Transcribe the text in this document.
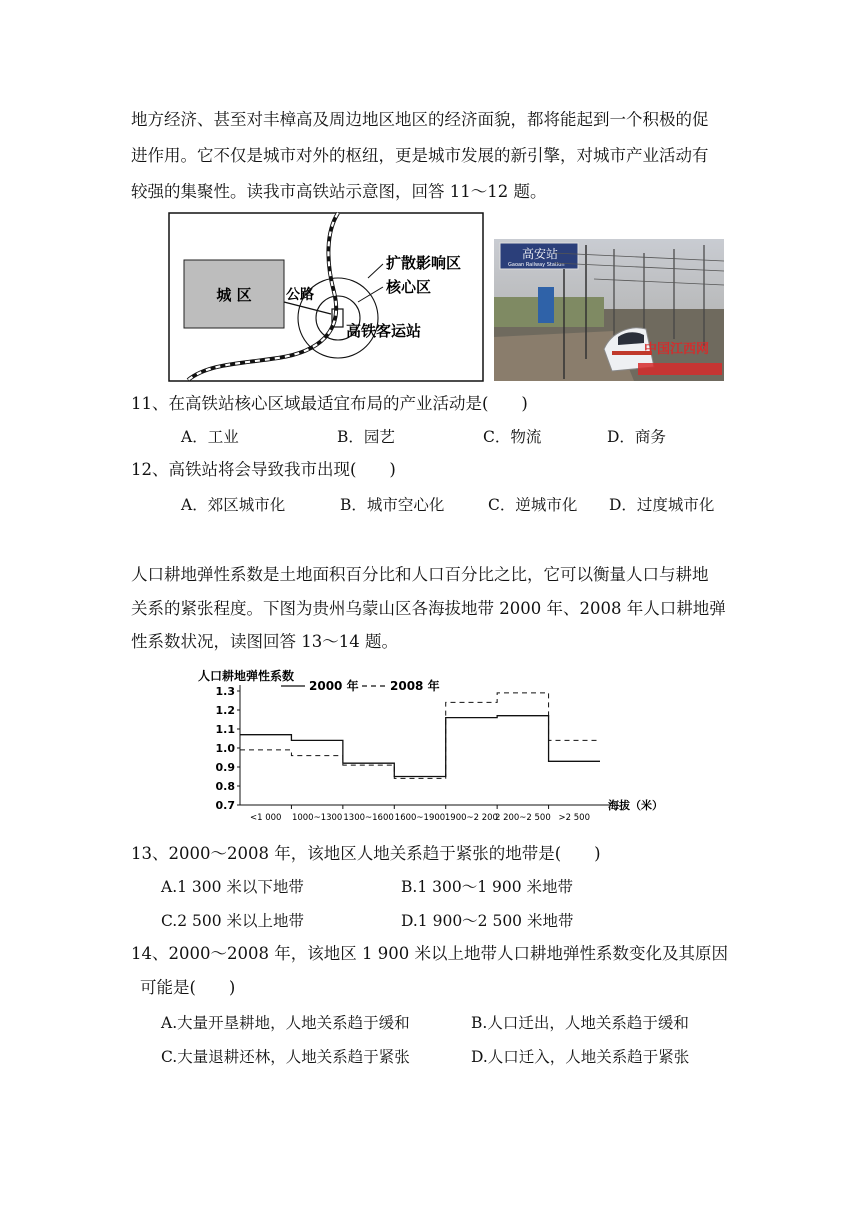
地方经济、甚至对丰樟高及周边地区地区的经济面貌，都将能起到一个积极的促
进作用。它不仅是城市对外的枢纽，更是城市发展的新引擎，对城市产业活动有
较强的集聚性。读我市高铁站示意图，回答 11～12 题。
城 区 公路
扩散影响区
核心区
高铁客运站
高安站
Gaoan Railway Station
中国江西网
11、在高铁站核心区域最适宜布局的产业活动是(　　)
A．工业	B．园艺	C．物流	D．商务
12、高铁站将会导致我市出现(　　)
A．郊区城市化	B．城市空心化	C．逆城市化 D．过度城市化
人口耕地弹性系数是土地面积百分比和人口百分比之比，它可以衡量人口与耕地
关系的紧张程度。下图为贵州乌蒙山区各海拔地带 2000 年、2008 年人口耕地弹
性系数状况，读图回答 13～14 题。
人口耕地弹性系数
海拔（米）
2000 年	2008 年
0.7
0.8
0.9
1.0
1.1
1.2
1.3
<1 000 1000~1300 1300~1600 1600~1900 1900~2 200
2 200~2 500 >2 500
13、2000～2008 年，该地区人地关系趋于紧张的地带是(　　)
A.1 300 米以下地带	B.1 300～1 900 米地带
C.2 500 米以上地带	D.1 900～2 500 米地带
14、2000～2008 年，该地区 1 900 米以上地带人口耕地弹性系数变化及其原因
可能是(　　)
A.大量开垦耕地，人地关系趋于缓和	B.人口迁出，人地关系趋于缓和
C.大量退耕还林，人地关系趋于紧张	D.人口迁入，人地关系趋于紧张
